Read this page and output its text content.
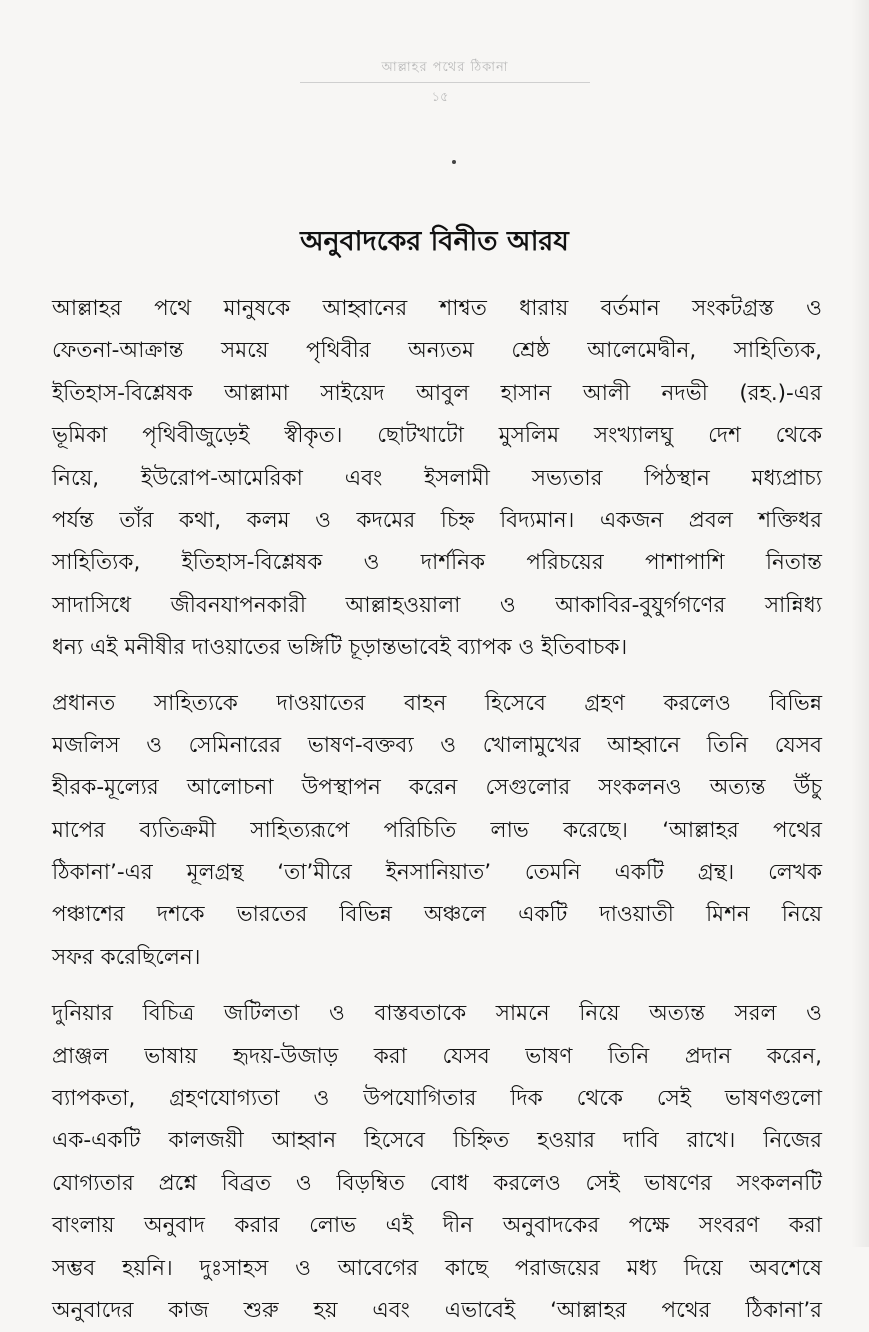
আল্লাহর পথের ঠিকানা
১৫
অনুবাদকের বিনীত আরয
আল্লাহর পথে মানুষকে আহ্বানের শাশ্বত ধারায় বর্তমান সংকটগ্রস্ত ও
ফেতনা-আক্রান্ত সময়ে পৃথিবীর অন্যতম শ্রেষ্ঠ আলেমেদ্বীন, সাহিত্যিক,
ইতিহাস-বিশ্লেষক আল্লামা সাইয়েদ আবুল হাসান আলী নদভী (রহ.)-এর
ভূমিকা পৃথিবীজুড়েই স্বীকৃত। ছোটখাটো মুসলিম সংখ্যালঘু দেশ থেকে
নিয়ে, ইউরোপ-আমেরিকা এবং ইসলামী সভ্যতার পিঠস্থান মধ্যপ্রাচ্য
পর্যন্ত তাঁর কথা, কলম ও কদমের চিহ্ন বিদ্যমান। একজন প্রবল শক্তিধর
সাহিত্যিক, ইতিহাস-বিশ্লেষক ও দার্শনিক পরিচয়ের পাশাপাশি নিতান্ত
সাদাসিধে জীবনযাপনকারী আল্লাহওয়ালা ও আকাবির-বুযুর্গগণের সান্নিধ্য
ধন্য এই মনীষীর দাওয়াতের ভঙ্গিটি চূড়ান্তভাবেই ব্যাপক ও ইতিবাচক।
প্রধানত সাহিত্যকে দাওয়াতের বাহন হিসেবে গ্রহণ করলেও বিভিন্ন
মজলিস ও সেমিনারের ভাষণ-বক্তব্য ও খোলামুখের আহ্বানে তিনি যেসব
হীরক-মূল্যের আলোচনা উপস্থাপন করেন সেগুলোর সংকলনও অত্যন্ত উঁচু
মাপের ব্যতিক্রমী সাহিত্যরূপে পরিচিতি লাভ করেছে। ‘আল্লাহর পথের
ঠিকানা’-এর মূলগ্রন্থ ‘তা’মীরে ইনসানিয়াত’ তেমনি একটি গ্রন্থ। লেখক
পঞ্চাশের দশকে ভারতের বিভিন্ন অঞ্চলে একটি দাওয়াতী মিশন নিয়ে
সফর করেছিলেন।
দুনিয়ার বিচিত্র জটিলতা ও বাস্তবতাকে সামনে নিয়ে অত্যন্ত সরল ও
প্রাঞ্জল ভাষায় হৃদয়-উজাড় করা যেসব ভাষণ তিনি প্রদান করেন,
ব্যাপকতা, গ্রহণযোগ্যতা ও উপযোগিতার দিক থেকে সেই ভাষণগুলো
এক-একটি কালজয়ী আহ্বান হিসেবে চিহ্নিত হওয়ার দাবি রাখে। নিজের
যোগ্যতার প্রশ্নে বিব্রত ও বিড়ম্বিত বোধ করলেও সেই ভাষণের সংকলনটি
বাংলায় অনুবাদ করার লোভ এই দীন অনুবাদকের পক্ষে সংবরণ করা
সম্ভব হয়নি। দুঃসাহস ও আবেগের কাছে পরাজয়ের মধ্য দিয়ে অবশেষে
অনুবাদের কাজ শুরু হয় এবং এভাবেই ‘আল্লাহর পথের ঠিকানা’র
